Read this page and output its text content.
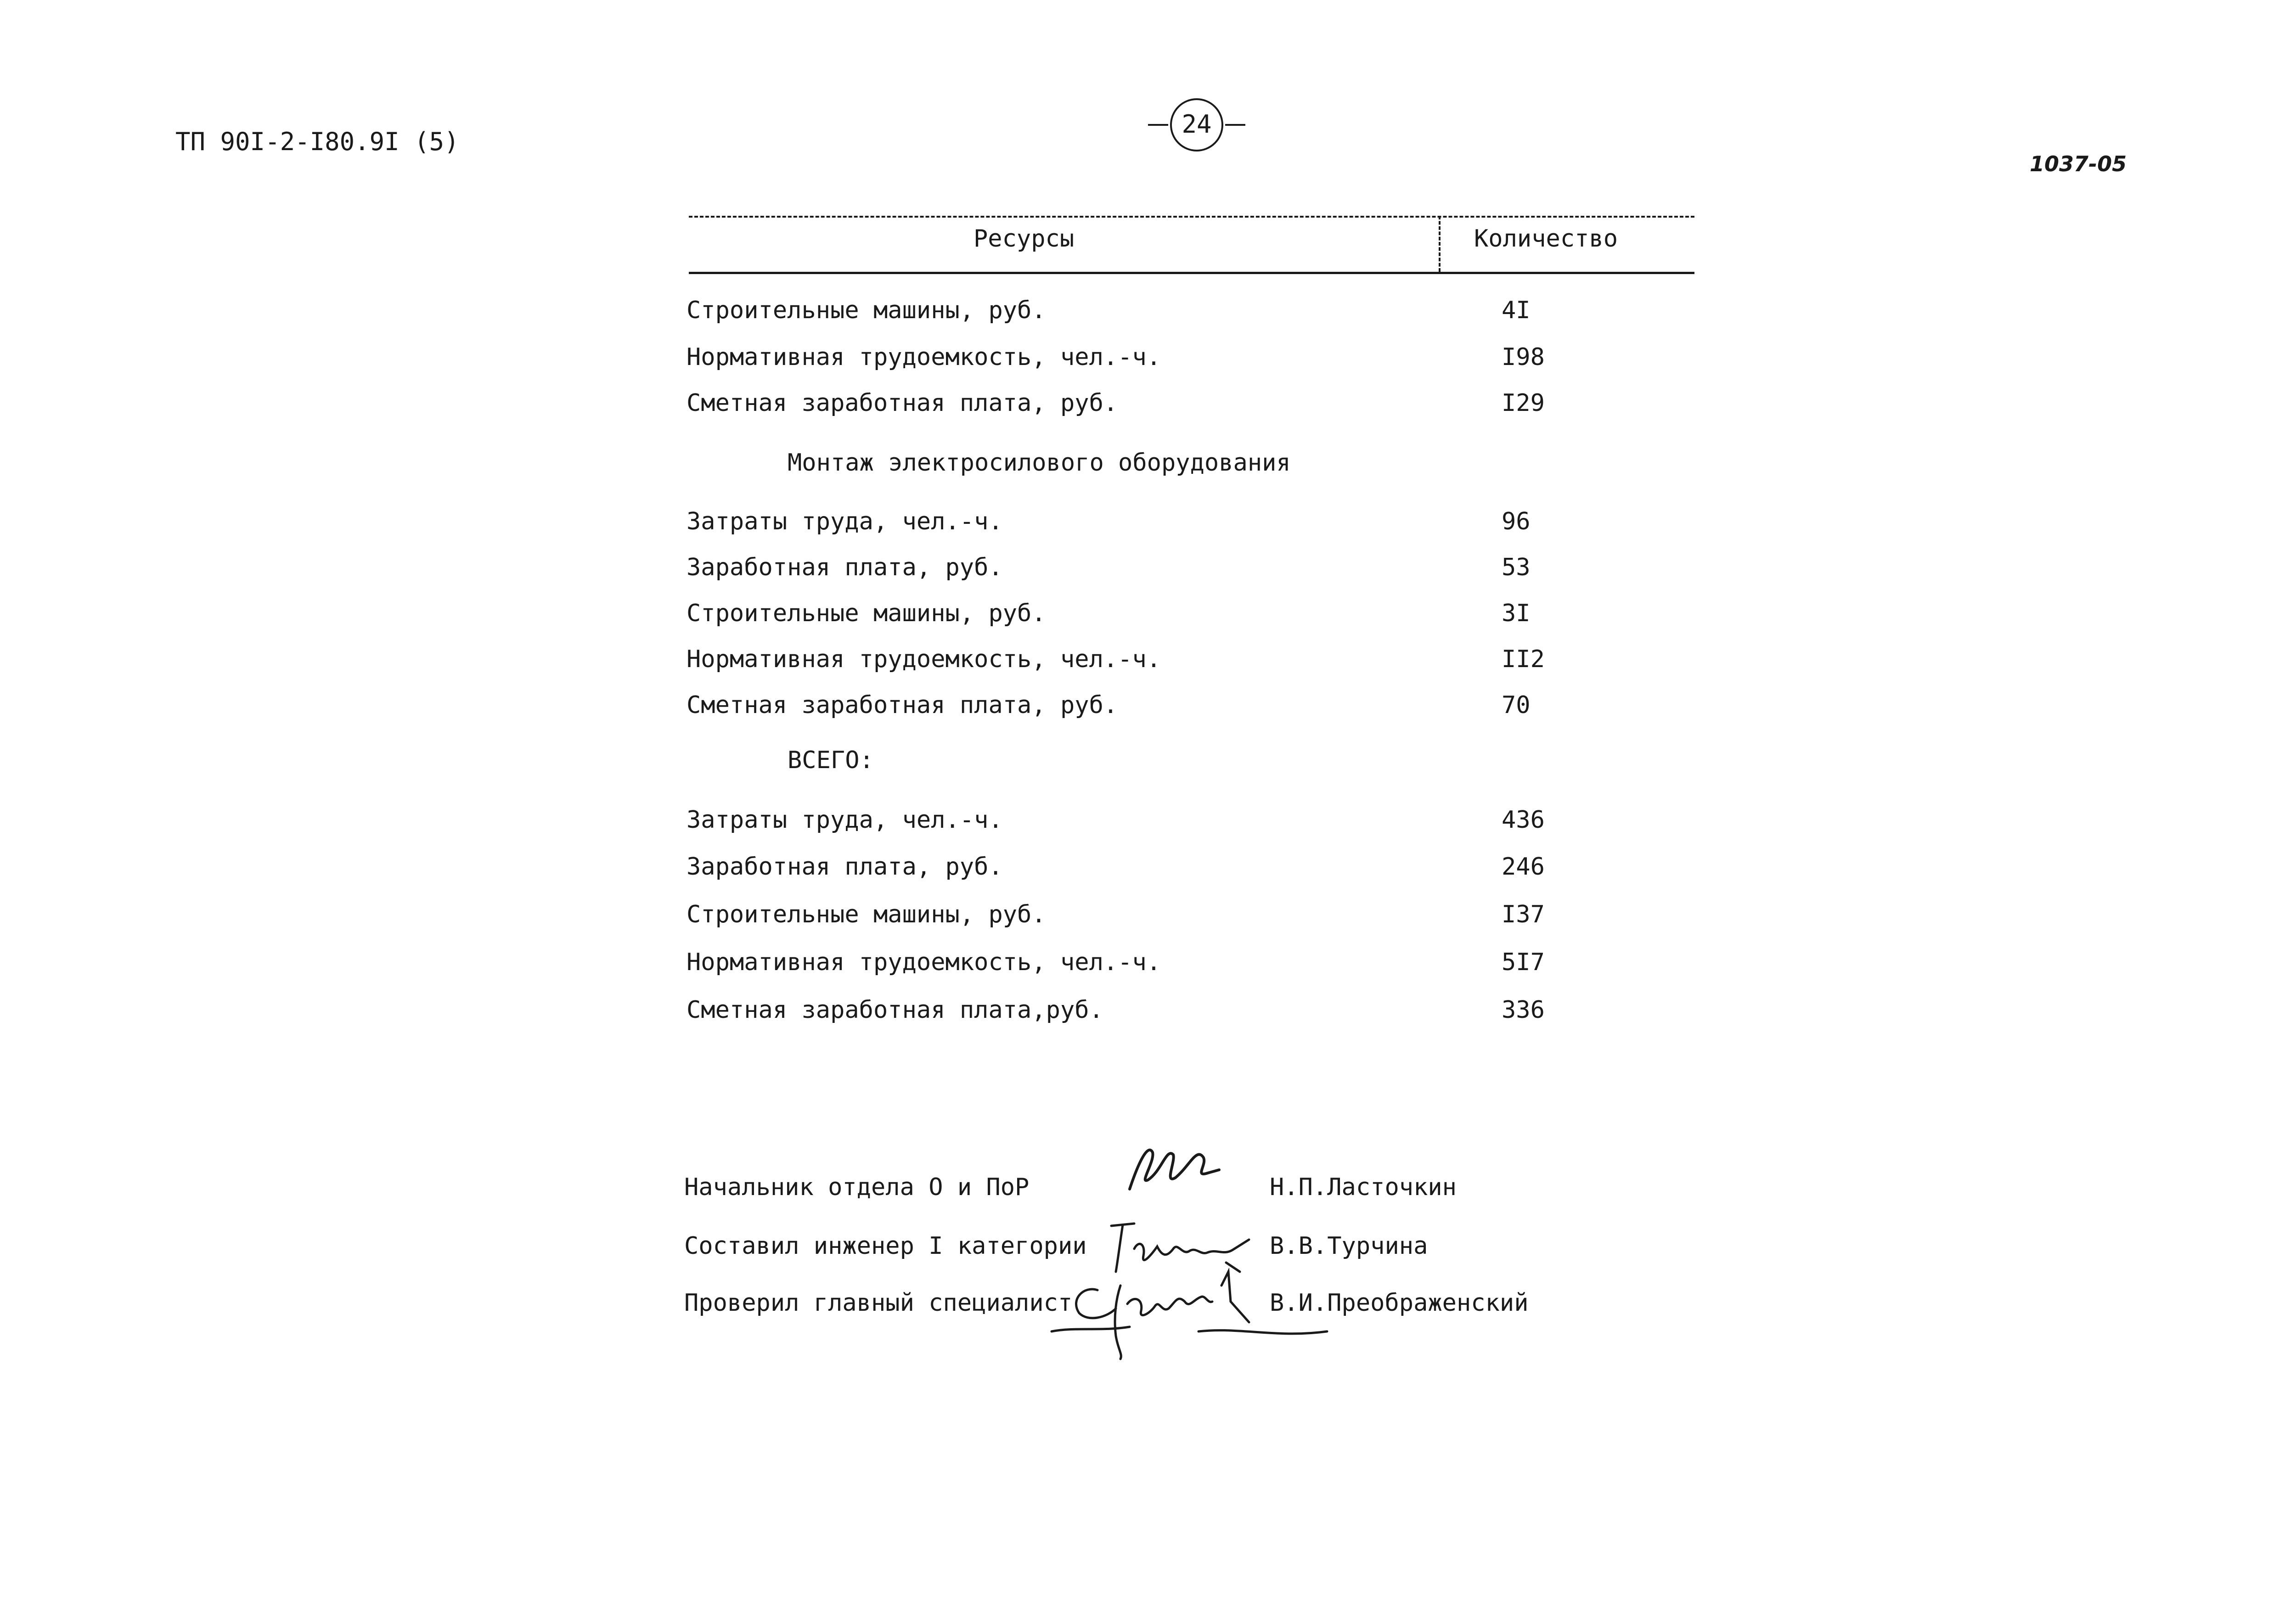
ТП 90I-2-I80.9I (5)
24
1037-05
Ресурсы	Количество
Строительные машины, руб.	4I
Нормативная трудоемкость, чел.-ч.	I98
Сметная заработная плата, руб.	I29
Монтаж электросилового оборудования
Затраты труда, чел.-ч.	96
Заработная плата, руб.	53
Строительные машины, руб.	3I
Нормативная трудоемкость, чел.-ч.	II2
Сметная заработная плата, руб.	70
ВСЕГО:
Затраты труда, чел.-ч.	436
Заработная плата, руб.	246
Строительные машины, руб.	I37
Нормативная трудоемкость, чел.-ч.	5I7
Сметная заработная плата,руб.	336
Начальник отдела О и ПоР	Н.П.Ласточкин
Составил инженер I категории	В.В.Турчина
Проверил главный специалист	В.И.Преображенский
